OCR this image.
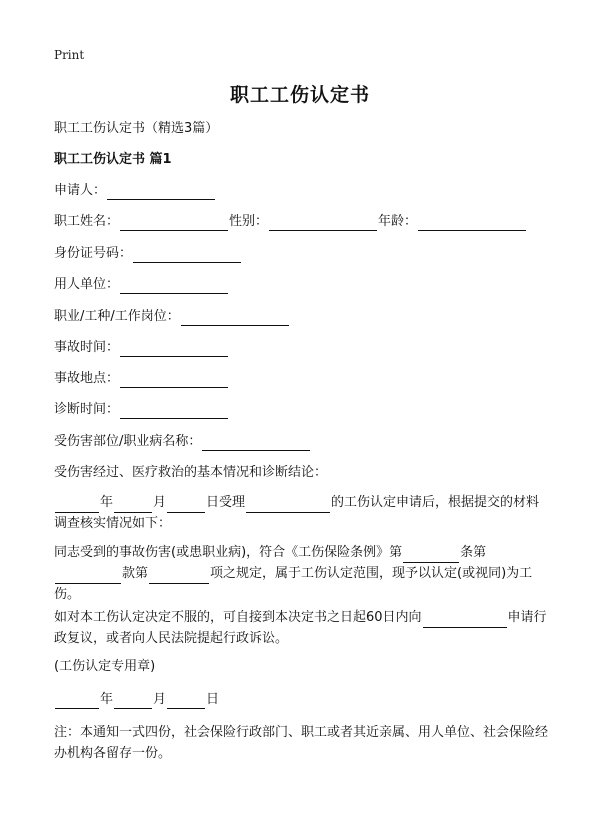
Print
职工工伤认定书
职工工伤认定书（精选3篇）
职工工伤认定书 篇1
申请人：
职工姓名：	性别：	年龄：
身份证号码：
用人单位：
职业/工种/工作岗位：
事故时间：
事故地点：
诊断时间：
受伤害部位/职业病名称：
受伤害经过、医疗救治的基本情况和诊断结论：
年	月	日受理	的工伤认定申请后，根据提交的材料调查核实情况如下：
同志受到的事故伤害(或患职业病)，符合《工伤保险条例》第	条第款第	项之规定，属于工伤认定范围，现予以认定(或视同)为工伤。
如对本工伤认定决定不服的，可自接到本决定书之日起60日内向	申请行政复议，或者向人民法院提起行政诉讼。
(工伤认定专用章)
年	月	日
注：本通知一式四份，社会保险行政部门、职工或者其近亲属、用人单位、社会保险经办机构各留存一份。
